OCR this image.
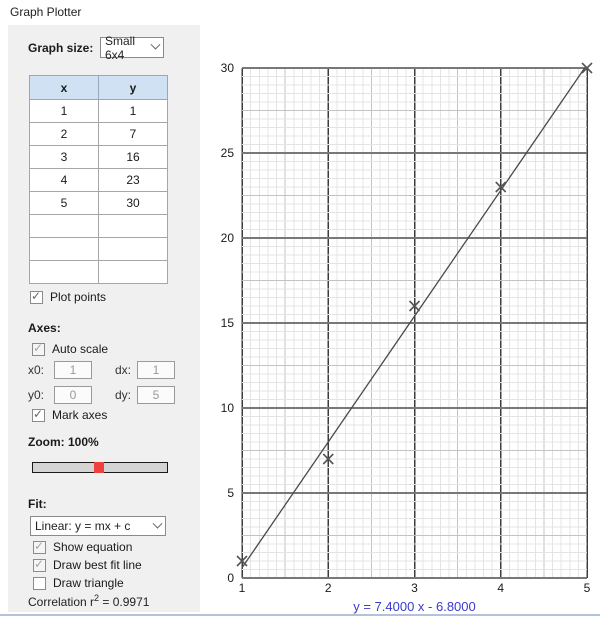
0
5
10
15
20
25
30
1	2	3	4	5
y = 7.4000 x - 6.8000
Graph Plotter
Graph size: Small 6x4
x	y
1	1
2	7
3	16
4	23
5	30

✓
Plot points
Axes:
✓
Auto scale
x0:
1	dx:
1
y0:
0	dy:
5
✓
Mark axes
Zoom: 100%
Fit:
Linear: y = mx + c
✓
Show equation
✓
Draw best fit line
Draw triangle
Correlation $r^2 = 0.9971$
